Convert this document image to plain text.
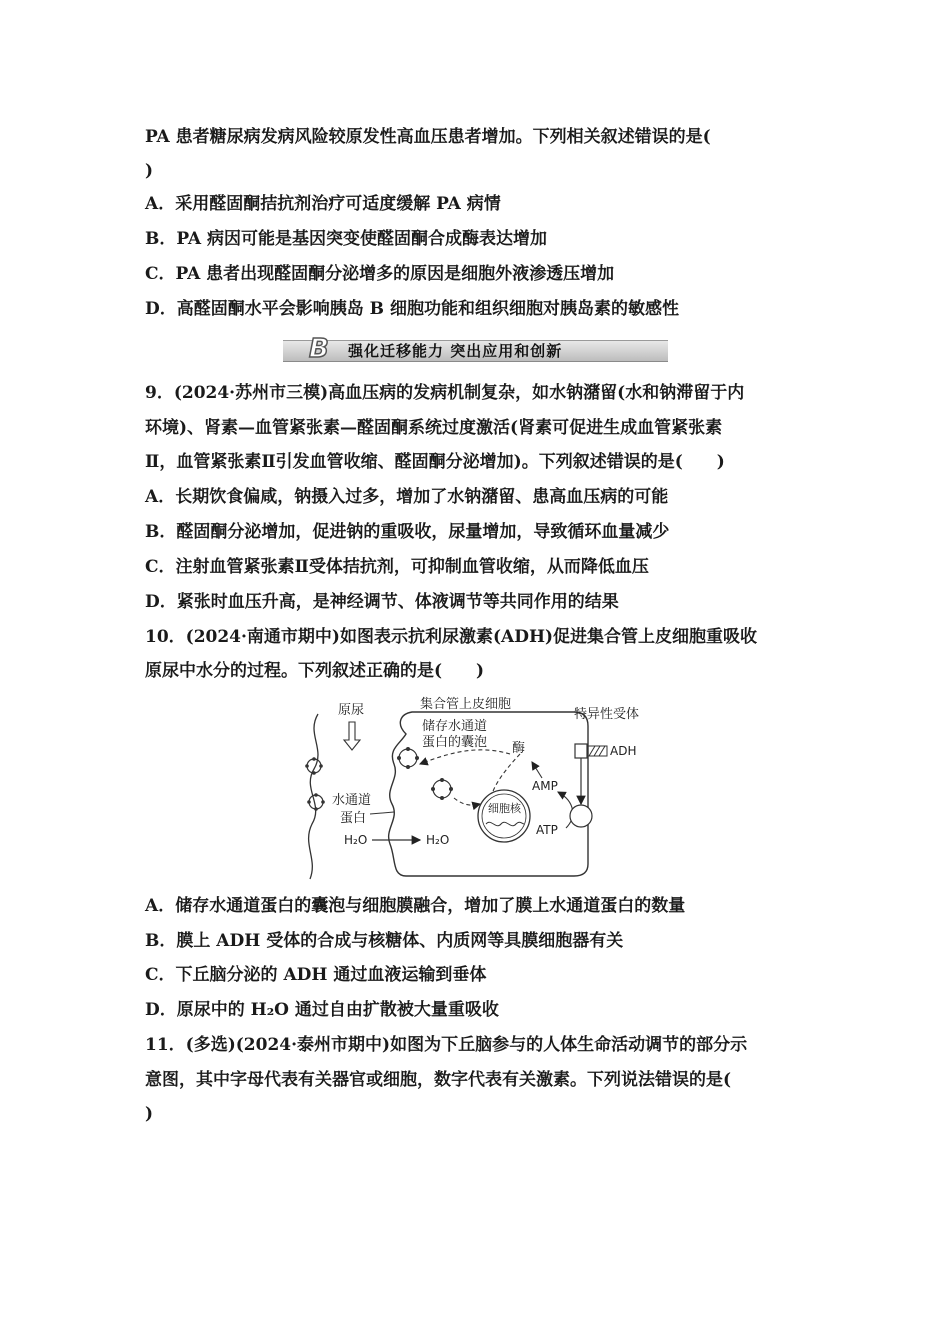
PA 患者糖尿病发病风险较原发性高血压患者增加。下列相关叙述错误的是(
)
A．采用醛固酮拮抗剂治疗可适度缓解 PA 病情
B．PA 病因可能是基因突变使醛固酮合成酶表达增加
C．PA 患者出现醛固酮分泌增多的原因是细胞外液渗透压增加
D．高醛固酮水平会影响胰岛 B 细胞功能和组织细胞对胰岛素的敏感性
B 强化迁移能力 突出应用和创新
9．(2024·苏州市三模)高血压病的发病机制复杂，如水钠潴留(水和钠滞留于内
环境)、肾素—血管紧张素—醛固酮系统过度激活(肾素可促进生成血管紧张素
Ⅱ，血管紧张素Ⅱ引发血管收缩、醛固酮分泌增加)。下列叙述错误的是(　　)
A．长期饮食偏咸，钠摄入过多，增加了水钠潴留、患高血压病的可能
B．醛固酮分泌增加，促进钠的重吸收，尿量增加，导致循环血量减少
C．注射血管紧张素Ⅱ受体拮抗剂，可抑制血管收缩，从而降低血压
D．紧张时血压升高，是神经调节、体液调节等共同作用的结果
10．(2024·南通市期中)如图表示抗利尿激素(ADH)促进集合管上皮细胞重吸收
原尿中水分的过程。下列叙述正确的是(　　)
原尿	集合管上皮细胞
储存水通道
蛋白的囊泡 酶
AMP
ATP
细胞核
特异性受体
ADH
水通道
蛋白
H₂O	H₂O
A．储存水通道蛋白的囊泡与细胞膜融合，增加了膜上水通道蛋白的数量
B．膜上 ADH 受体的合成与核糖体、内质网等具膜细胞器有关
C．下丘脑分泌的 ADH 通过血液运输到垂体
D．原尿中的 H₂O 通过自由扩散被大量重吸收
11．(多选)(2024·泰州市期中)如图为下丘脑参与的人体生命活动调节的部分示
意图，其中字母代表有关器官或细胞，数字代表有关激素。下列说法错误的是(
)
